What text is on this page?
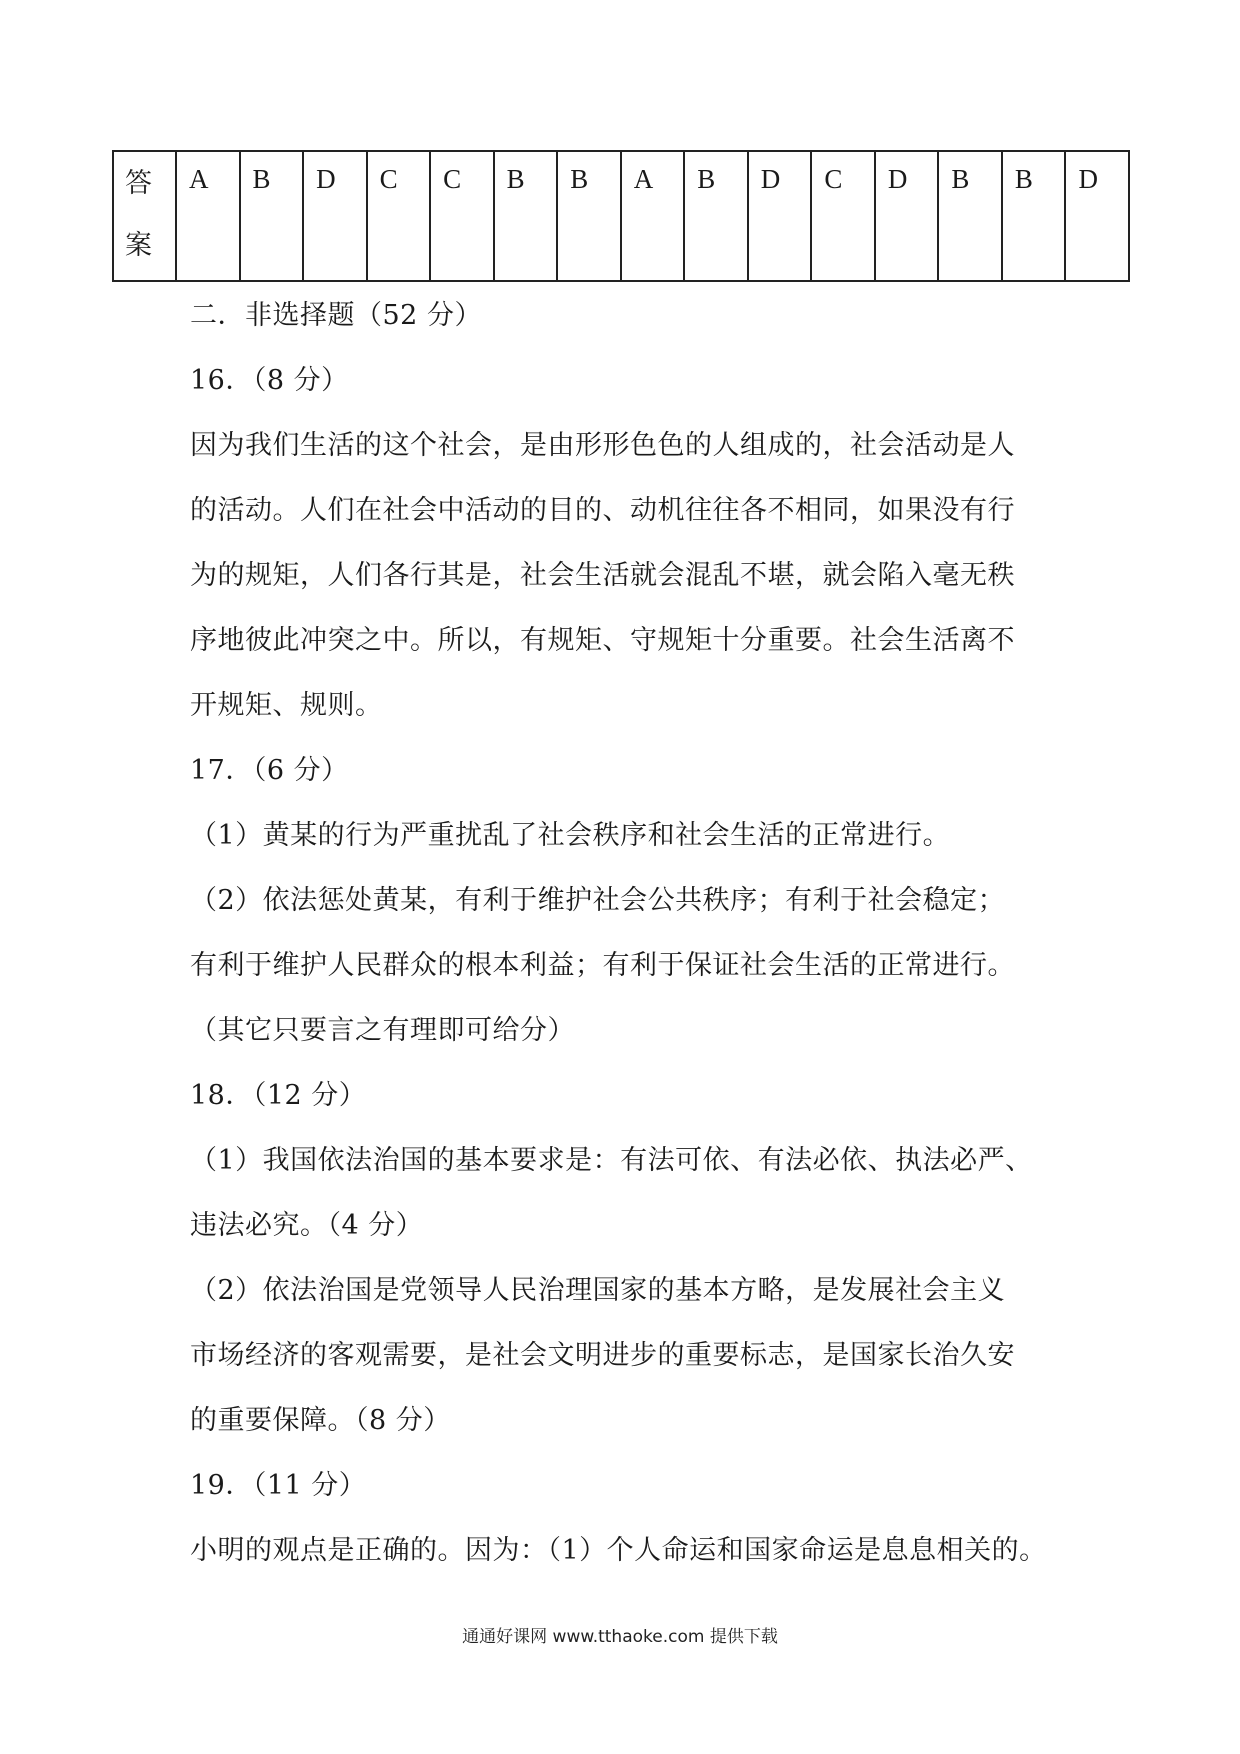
答
案
	A	B	D	C	C	B	B	A	B	D	C	D	B	B	D
二．非选择题（52 分）
16．（8 分）
因为我们生活的这个社会，是由形形色色的人组成的，社会活动是人
的活动。人们在社会中活动的目的、动机往往各不相同，如果没有行
为的规矩，人们各行其是，社会生活就会混乱不堪，就会陷入毫无秩
序地彼此冲突之中。所以，有规矩、守规矩十分重要。社会生活离不
开规矩、规则。
17．（6 分）
（1）黄某的行为严重扰乱了社会秩序和社会生活的正常进行。
（2）依法惩处黄某，有利于维护社会公共秩序；有利于社会稳定；
有利于维护人民群众的根本利益；有利于保证社会生活的正常进行。
（其它只要言之有理即可给分）
18．（12 分）
（1）我国依法治国的基本要求是：有法可依、有法必依、执法必严、
违法必究。（4 分）
（2）依法治国是党领导人民治理国家的基本方略，是发展社会主义
市场经济的客观需要，是社会文明进步的重要标志，是国家长治久安
的重要保障。（8 分）
19．（11 分）
小明的观点是正确的。因为：（1）个人命运和国家命运是息息相关的。
通通好课网 www.tthaoke.com 提供下载
